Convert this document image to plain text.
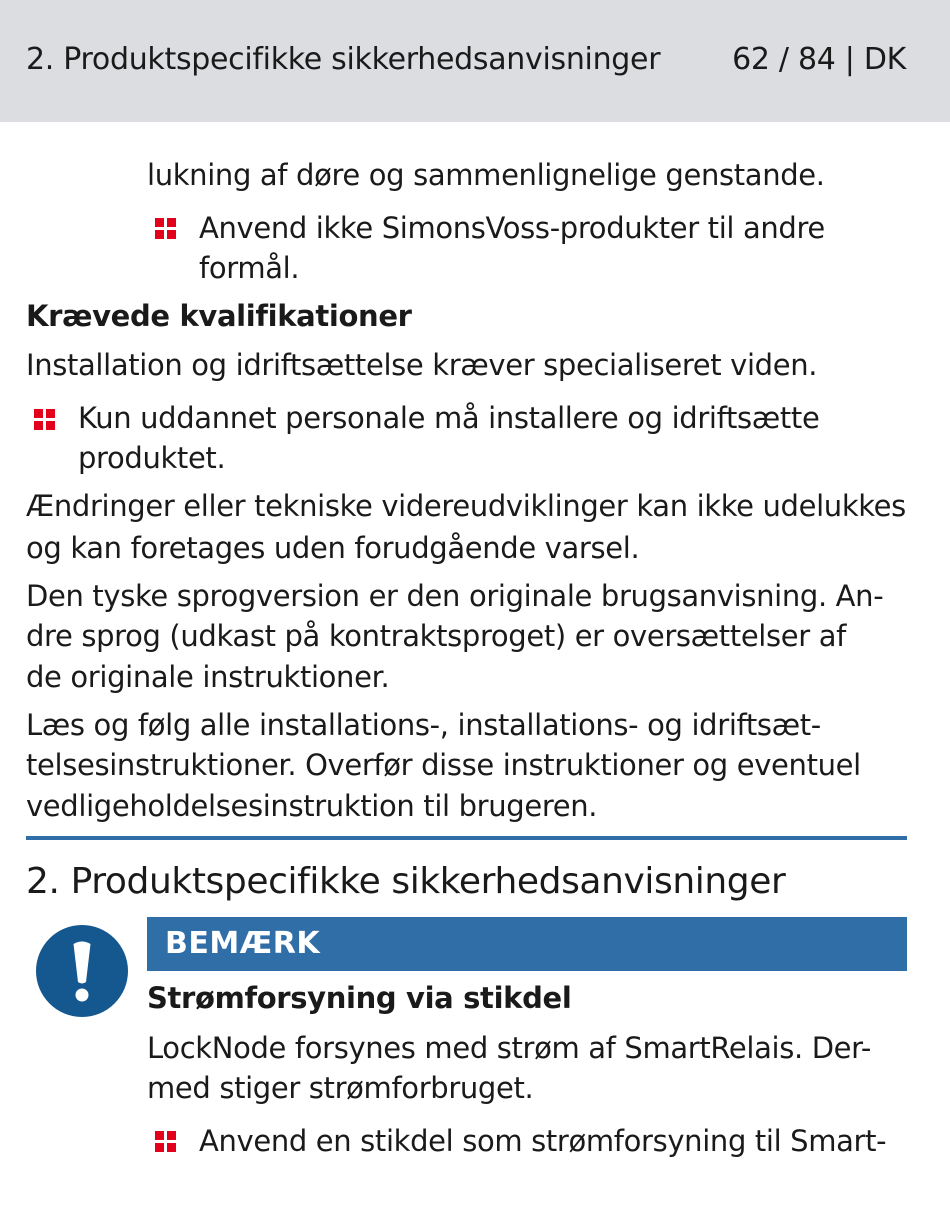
2. Produktspecifikke sikkerhedsanvisninger 62 / 84 | DK

lukning af døre og sammenlignelige genstande.

Anvend ikke SimonsVoss-produkter til andre

formål.

Krævede kvalifikationer

Installation og idriftsættelse kræver specialiseret viden.

Kun uddannet personale må installere og idriftsætte

produktet.

Ændringer eller tekniske videreudviklinger kan ikke udelukkes

og kan foretages uden forudgående varsel.

Den tyske sprogversion er den originale brugsanvisning. An-

dre sprog (udkast på kontraktsproget) er oversættelser af

de originale instruktioner.

Læs og følg alle installations-, installations- og idriftsæt-

telsesinstruktioner. Overfør disse instruktioner og eventuel

vedligeholdelsesinstruktion til brugeren.

2. Produktspecifikke sikkerhedsanvisninger
BEMÆRK

Strømforsyning via stikdel

LockNode forsynes med strøm af SmartRelais. Der-

med stiger strømforbruget.

Anvend en stikdel som strømforsyning til Smart-
